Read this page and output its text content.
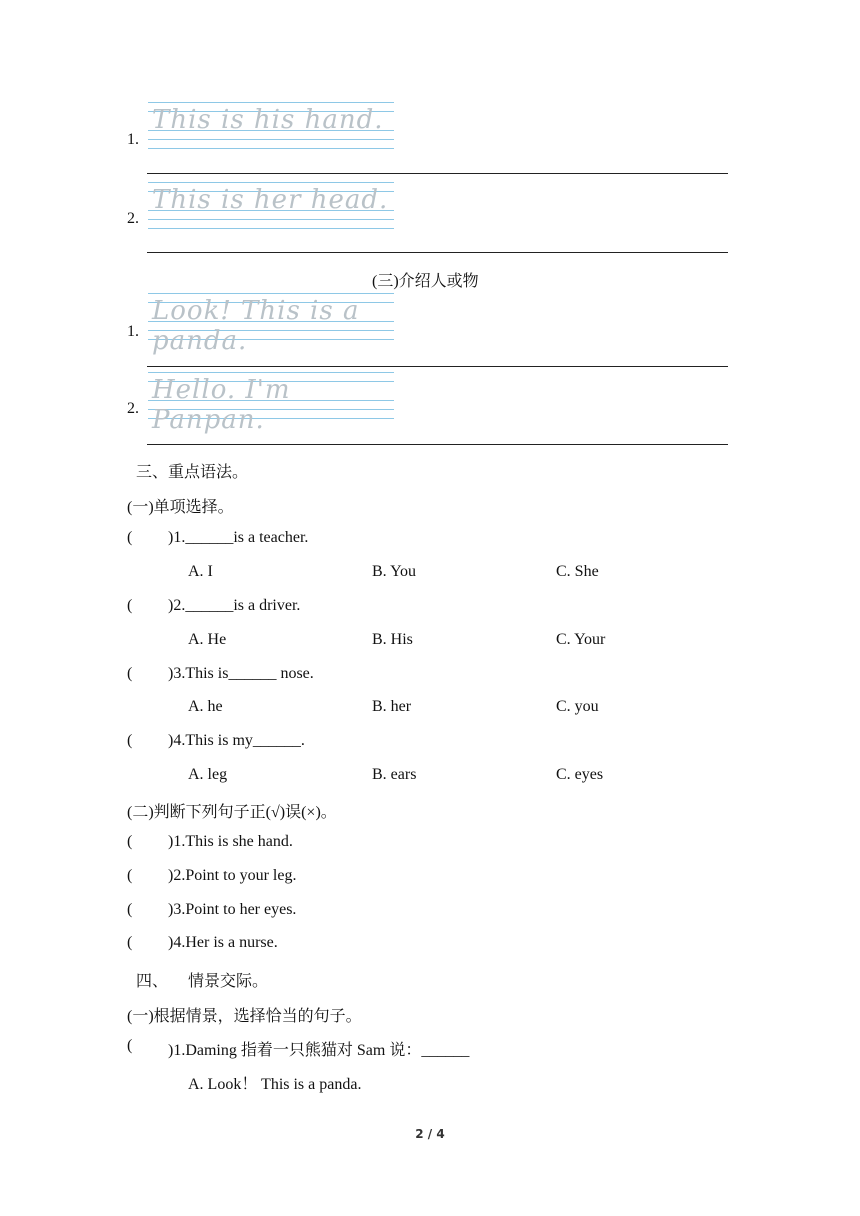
This is his hand.
1.
This is her head.
2.
(三)介绍人或物
Look! This is a panda.
1.
Hello. I'm Panpan.
2.
三、重点语法。
(一)单项选择。
( )1.______is a teacher.
A. I	B. You	C. She
( )2.______is a driver.
A. He	B. His	C. Your
( )3.This is______ nose.
A. he	B. her	C. you
( )4.This is my______.
A. leg	B. ears	C. eyes
(二)判断下列句子正(√)误(×)。
( )1.This is she hand.
( )2.Point to your leg.
( )3.Point to her eyes.
( )4.Her is a nurse.
四、 情景交际。
(一)根据情景，选择恰当的句子。
( )1.Daming 指着一只熊猫对 Sam 说：______
A. Look！ This is a panda.
2 / 4
